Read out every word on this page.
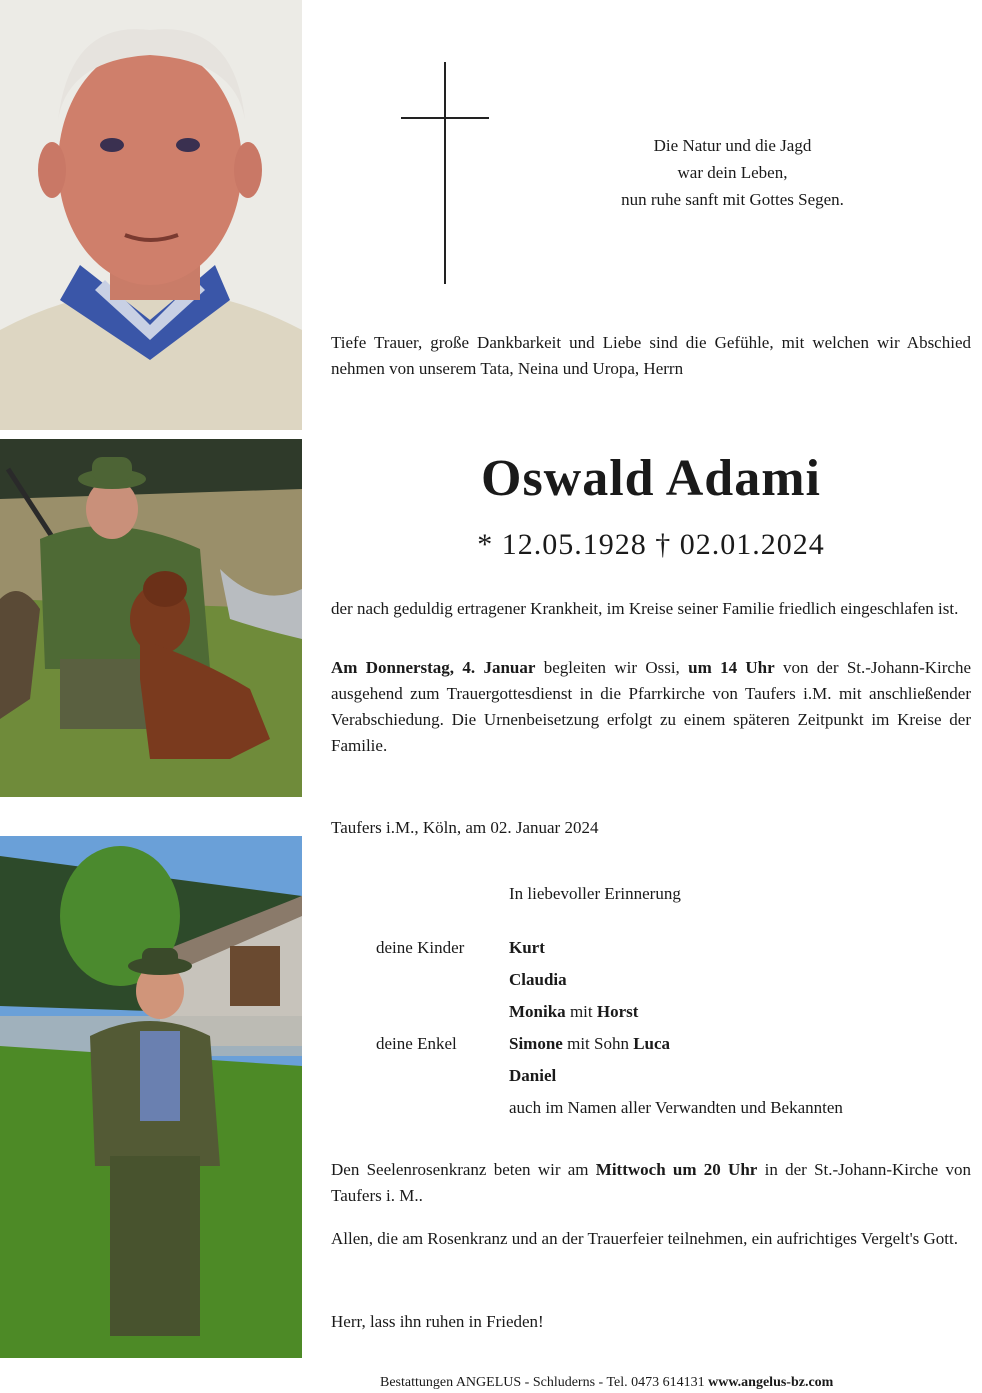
Die Natur und die Jagd
war dein Leben,
nun ruhe sanft mit Gottes Segen.
Tiefe Trauer, große Dankbarkeit und Liebe sind die Gefühle, mit welchen wir Abschied nehmen von unserem Tata, Neina und Uropa, Herrn
Oswald Adami
* 12.05.1928 † 02.01.2024
der nach geduldig ertragener Krankheit, im Kreise seiner Familie friedlich eingeschlafen ist.
Am Donnerstag, 4. Januar begleiten wir Ossi, um 14 Uhr von der St.-Johann-Kirche ausgehend zum Trauergottesdienst in die Pfarrkirche von Taufers i.M. mit anschließender Verabschiedung. Die Urnenbeisetzung erfolgt zu einem späteren Zeitpunkt im Kreise der Familie.
Taufers i.M., Köln, am 02. Januar 2024
In liebevoller Erinnerung
deine Kinder	Kurt
Claudia
Monika mit Horst
deine Enkel	Simone mit Sohn Luca
Daniel
auch im Namen aller Verwandten und Bekannten
Den Seelenrosenkranz beten wir am Mittwoch um 20 Uhr in der St.-Johann-Kirche von Taufers i. M..
Allen, die am Rosenkranz und an der Trauerfeier teilnehmen, ein aufrichtiges Vergelt's Gott.
Herr, lass ihn ruhen in Frieden!
Bestattungen ANGELUS - Schluderns - Tel. 0473 614131 www.angelus-bz.com
